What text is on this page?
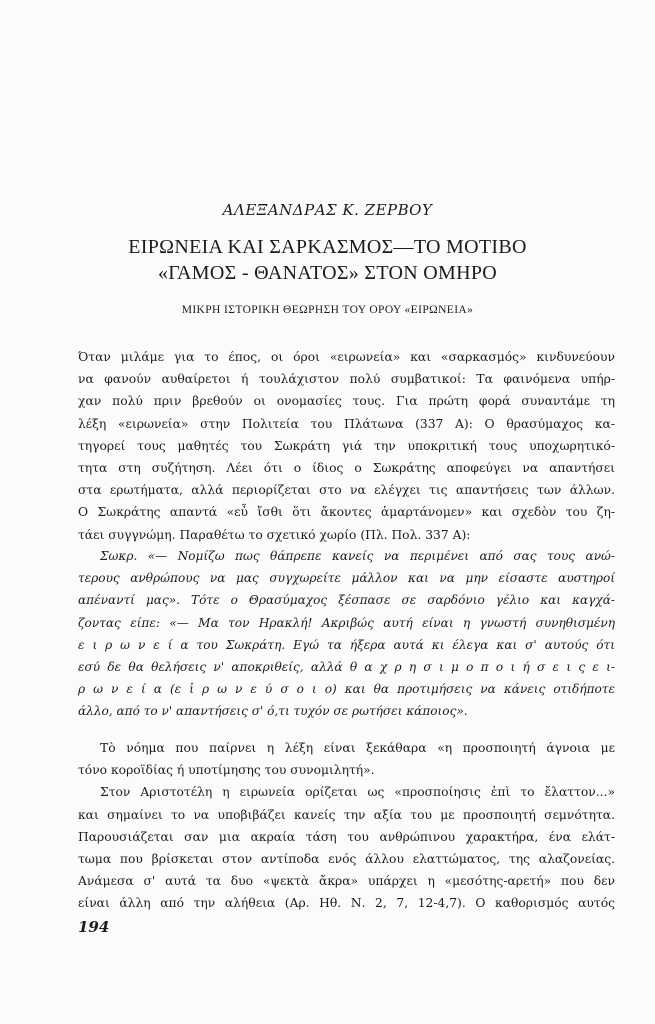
ΑΛΕΞΑΝΔΡΑΣ Κ. ΖΕΡΒΟΥ
ΕΙΡΩΝΕΙΑ ΚΑΙ ΣΑΡΚΑΣΜΟΣ—ΤΟ ΜΟΤΙΒΟ
«ΓΑΜΟΣ - ΘΑΝΑΤΟΣ» ΣΤΟΝ ΟΜΗΡΟ
ΜΙΚΡΗ ΙΣΤΟΡΙΚΗ ΘΕΩΡΗΣΗ ΤΟΥ ΟΡΟΥ «ΕΙΡΩΝΕΙΑ»
Όταν μιλάμε για το έπος, οι όροι «ειρωνεία» και «σαρκασμός» κινδυνεύουν
να φανούν αυθαίρετοι ή τουλάχιστον πολύ συμβατικοί: Τα φαινόμενα υπήρ-
χαν πολύ πριν βρεθούν οι ονομασίες τους. Για πρώτη φορά συναντάμε τη
λέξη «ειρωνεία» στην Πολιτεία του Πλάτωνα (337 Α): Ο θρασύμαχος κα-
τηγορεί τους μαθητές του Σωκράτη γιά την υποκριτική τους υποχωρητικό-
τητα στη συζήτηση. Λέει ότι ο ίδιος ο Σωκράτης αποφεύγει να απαντήσει
στα ερωτήματα, αλλά περιορίζεται στο να ελέγχει τις απαντήσεις των άλλων.
Ο Σωκράτης απαντά «εὖ ἴσθι ὅτι ἄκοντες ἁμαρτάνομεν» και σχεδὸν του ζη-
τάει συγγνώμη. Παραθέτω το σχετικό χωρίο (Πλ. Πολ. 337 Α):
Σωκρ. «— Νομίζω πως θάπρεπε κανείς να περιμένει από σας τους ανώ-
τερους ανθρώπους να μας συγχωρείτε μάλλον και να μην είσαστε αυστηροί
απέναντί μας». Τότε ο Θρασύμαχος ξέσπασε σε σαρδόνιο γέλιο και καγχά-
ζοντας είπε: «— Μα τον Ηρακλή! Ακριβώς αυτή είναι η γνωστή συνηθισμένη
ε ι ρ ω ν ε ί α του Σωκράτη. Εγώ τα ήξερα αυτά κι έλεγα και σ' αυτούς ότι
εσύ δε θα θελήσεις ν' αποκριθείς, αλλά θ α χ ρ η σ ι μ ο π ο ι ή σ ε ι ς ε ι-
ρ ω ν ε ί α (ε ἰ ρ ω ν ε ύ σ ο ι ο) και θα προτιμήσεις να κάνεις οτιδήποτε
άλλο, από το ν' απαντήσεις σ' ό,τι τυχόν σε ρωτήσει κάποιος».
Τὸ νόημα που παίρνει η λέξη είναι ξεκάθαρα «η προσποιητή άγνοια με
τόνο κοροϊδίας ή υποτίμησης του συνομιλητή».
Στον Αριστοτέλη η ειρωνεία ορίζεται ως «προσποίησις ἐπὶ το ἔλαττον...»
και σημαίνει το να υποβιβάζει κανείς την αξία του με προσποιητή σεμνότητα.
Παρουσιάζεται σαν μια ακραία τάση του ανθρώπινου χαρακτήρα, ένα ελάτ-
τωμα που βρίσκεται στον αντίποδα ενός άλλου ελαττώματος, της αλαζονείας.
Ανάμεσα σ' αυτά τα δυο «ψεκτὰ ἄκρα» υπάρχει η «μεσότης-αρετή» που δεν
είναι άλλη από την αλήθεια (Αρ. Ηθ. Ν. 2, 7, 12-4,7). Ο καθορισμός αυτός
194
